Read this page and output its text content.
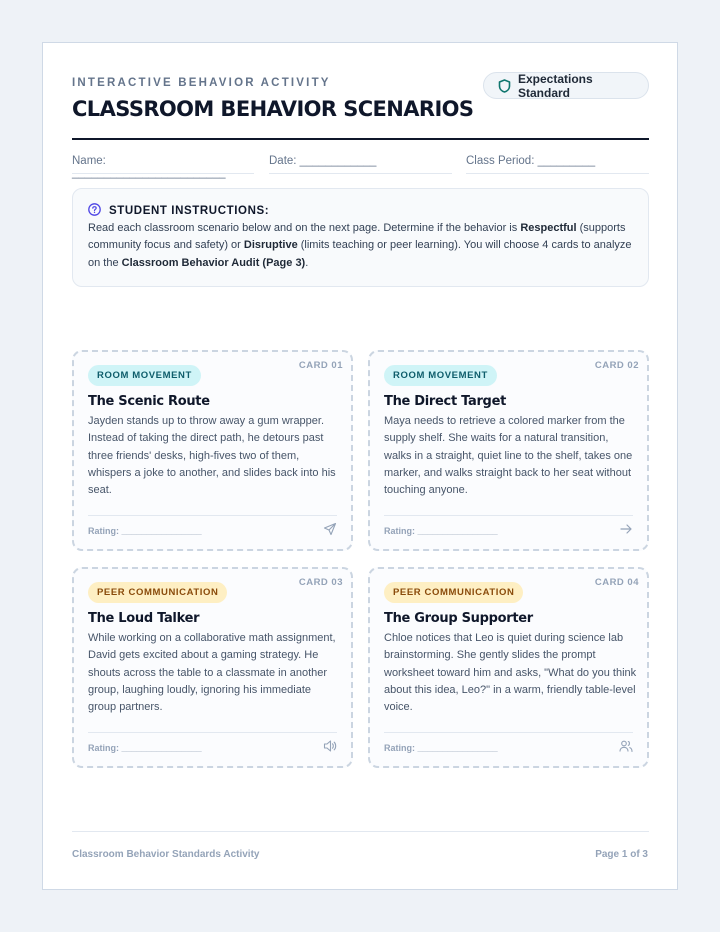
INTERACTIVE BEHAVIOR ACTIVITY
CLASSROOM BEHAVIOR SCENARIOS
Expectations Standard
Name: ________________________
Date: ____________	Class Period: _________
STUDENT INSTRUCTIONS:
Read each classroom scenario below and on the next page. Determine if the behavior is Respectful (supports community focus and safety) or Disruptive (limits teaching or peer learning). You will choose 4 cards to analyze on the Classroom Behavior Audit (Page 3).
CARD 01
ROOM MOVEMENT
The Scenic Route
Jayden stands up to throw away a gum wrapper. Instead of taking the direct path, he detours past three friends' desks, high-fives two of them, whispers a joke to another, and slides back into his seat.
Rating: ________________
CARD 02
ROOM MOVEMENT
The Direct Target
Maya needs to retrieve a colored marker from the supply shelf. She waits for a natural transition, walks in a straight, quiet line to the shelf, takes one marker, and walks straight back to her seat without touching anyone.
Rating: ________________
CARD 03
PEER COMMUNICATION
The Loud Talker
While working on a collaborative math assignment, David gets excited about a gaming strategy. He shouts across the table to a classmate in another group, laughing loudly, ignoring his immediate group partners.
Rating: ________________
CARD 04
PEER COMMUNICATION
The Group Supporter
Chloe notices that Leo is quiet during science lab brainstorming. She gently slides the prompt worksheet toward him and asks, "What do you think about this idea, Leo?" in a warm, friendly table-level voice.
Rating: ________________
Classroom Behavior Standards Activity	Page 1 of 3
